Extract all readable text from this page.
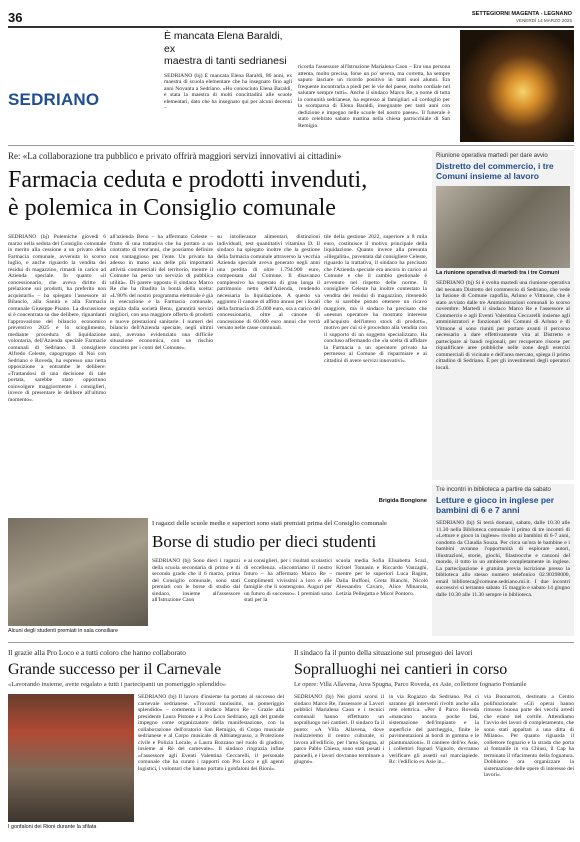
36	SETTEGIORNI MAGENTA - LEGNANO
VENERDÌ 14 MARZO 2025
SEDRIANO
È mancata Elena Baraldi, ex
maestra di tanti sedrianesi
SEDRIANO (bj) È mancata Elena Baraldi, 86 anni, ex maestra di scuola elementare che ha insegnato fino agli anni Novanta a Sedriano. «Ho conosciuto Elena Baraldi, è stata la maestra di molti concittadini alle scuole elementari, dato che ha insegnato qui per alcuni decenni –
ricorda l'assessore all'Istruzione Marialena Caon – Era una persona attenta, molto precisa, forse un po' severa, ma corretta, ha sempre saputo lasciare un ricordo positivo in tanti suoi alunni. Era frequente incontrarla a piedi per le vie del paese, molto cordiale nel salutare sempre tutti». Anche il sindaco Marco Re, a nome di tutta la comunità sedrianese, ha espresso ai famigliari «il cordoglio per la scomparsa di Elena Baraldi, insegnante per tanti anni con dedizione e impegno nelle scuole del nostro paese». Il funerale è stato celebrato sabato mattina nella chiesa parrocchiale di San Remigio.
Re: «La collaborazione tra pubblico e privato offrirà maggiori servizi innovativi ai cittadini»
Farmacia ceduta e prodotti invenduti,
è polemica in Consiglio comunale
SEDRIANO (bj) Polemiche giovedì 6 marzo nella seduta del Consiglio comunale in merito alla cessione a un privato della Farmacia comunale, avvenuta lo scorso luglio, e anche riguardo la vendita dei residui di magazzino, rimasti in carico ad Azienda speciale. In quanto «il concessionario, che aveva diritto di prelazione sui prodotti, ha preferito non acquistarli» – ha spiegato l'assessore al Bilancio, alla Sanità e alla Farmacia comunale Giuseppe Pisano. La discussione si è concentrata su due delibere, riguardanti l'approvazione del bilancio economico preventivo 2025 e lo scioglimento, mediante procedura di liquidazione volontaria, dell'Azienda speciale Farmacie comunali di Sedriano. Il consigliere Alfredo Celeste, capogruppo di Noi con Sedriano e Roveda, ha espresso una netta opposizione a entrambe le delibere: «Trattandosi di una decisione di tale portata, sarebbe stato opportuno coinvolgere maggiormente i consiglieri, invece di presentare le delibere all'ultimo momento».
all'azienda Benu – ha affermato Celeste – frutto di una trattativa che ha portato a un contratto di trent'anni, che possiamo definire non vantaggioso per l'ente. Un privato ha adesso in mano una delle più importanti attività commerciali del territorio, mentre il Comune ha perso un servizio di pubblica utilità». Di parere opposto il sindaco Marco Re che ha ribadito la bontà della scelta: «L'80% del nostro programma elettorale è già in esecuzione e la Farmacia comunale, seguita dalla società Benu, garantirà servizi migliori, con una maggiore offerta di prodotti e nuove prestazioni sanitarie. I numeri del bilancio dell'Azienda speciale, negli ultimi anni, avevano evidenziato una difficile situazione economica, con un rischio concreto per i conti del Comune».
su intolleranze alimentari, distinzioni individuali, test quantitativi vitamina D. Il sindaco ha spiegato inoltre che la gestione della farmacia comunale attraverso la vecchia Azienda speciale aveva generato negli anni una perdita di oltre 1.794.900 euro, compensata dal Comune. Il disavanzo complessivo ha superato di gran lunga il patrimonio netto dell'Azienda, rendendo necessaria la liquidazione. A questo va aggiunto il canone di affitto annuo per i locali della farmacia di 25.000 euro, ora a carico del concessionario, oltre al canone di concessione di 60.000 euro annui che verrà versato nelle casse comunali.
tile della gestione 2022, superiore a 8 mila euro, costituisce il motivo principale della liquidazione. Quanto invece alla presunta «illegalità», paventata dal consigliere Celeste, riguardo la trattativa, il sindaco ha precisato che l'Azienda speciale era ancora in carico al Comune e che il cambio gestionale è avvenuto nel rispetto delle norme. Il consigliere Celeste ha inoltre contestato la vendita dei residui di magazzino, ritenendo che si sarebbe potuto ottenere un ricavo maggiore, ma il sindaco ha precisato che «nessun operatore ha mostrato interesse all'acquisto dell'intero stock di prodotti», motivo per cui si è proceduto alla vendita con il supporto di un soggetto specializzato. Ha concluso affermando che «la scelta di affidare la Farmacia a un operatore privato ha permesso al Comune di risparmiare e ai cittadini di avere servizi innovativi».
Brigida Bongione
Riunione operativa martedì per dare avvio
Distretto del commercio, i tre Comuni insieme al lavoro
La riunione operativa di martedì tra i tre Comuni
SEDRIANO (bj) Si è svolta martedì una riunione operativa del neonato Distretto del commercio di Sedriano, che vede la fusione di Comune capofila, Arluno e Vittuone, che è stato avviato dalle tre Amministrazioni comunali lo scorso novembre. Martedì il sindaco Marco Re e l'assessore al Commercio e agli Eventi Valentina Ceccarelli insieme agli amministratori e funzionari dei Comuni di Arluno e di Vittuone si sono riuniti per portare avanti il percorso necessario a dare effettivamente vita al Distretto e partecipare ai bandi regionali, per recuperare risorse per riqualificare aree pubbliche nelle zone degli esercizi commerciali di vicinato e dell'area mercato, spiega il primo cittadino di Sedriano. È per gli investimenti degli operatori locali.
Tre incontri in biblioteca a partire da sabato
Letture e gioco in inglese per bambini di 6 e 7 anni
SEDRIANO (bj) Si terrà domani, sabato, dalle 10.30 alle 11.30 nella Biblioteca comunale il primo di tre incontri di «Letture e gioco in inglese» rivolto ai bambini di 6-7 anni, condotto da Claudia Souza. Per circa un'ora le bambine e i bambini avranno l'opportunità di esplorare autori, illustrazioni, storie, giochi, filastrocche e canzoni del mondo, il tutto in un ambiente completamente in inglese. La partecipazione è gratuita previa iscrizione presso la biblioteca allo stesso numero telefonico 02.90398000, email biblioteca@comune.sedriano.mi.it. I due incontri successivi si terranno sabato 15 maggio e sabato 14 giugno dalle 10.30 alle 11.30 sempre in biblioteca.
Alcuni degli studenti premiati in sala consiliare
I ragazzi delle scuole medie e superiori sono stati premiati prima del Consiglio comunale
Borse di studio per dieci studenti
SEDRIANO (bj) Sono dieci i ragazzi della scuola secondaria di primo e di secondo grado che il 6 marzo, prima del Consiglio comunale, sono stati premiati con le borse di studio dal sindaco, insieme all'assessore all'Istruzione Caon
e ai consiglieri, per i risultati scolastici di eccellenza. «Incontriamo il nostro futuro – ha affermato Marco Re – Complimenti vivissimi a loro e alle famiglie che li sostengono. Auguri per un futuro di successo». I premiati sono stati per la
scuola media Sofia Elisabetta Scazi, Kristel Tomasin e Riccardo Vanzaghi, mentre per le superiori Luca Bagini, Dalia Buffoni, Greta Bianchi, Nicolò Alessandro Cavaro, Alice Minarola, Letizia Pellegatta e Micol Pontoro.
Il grazie alla Pro Loco e a tutti coloro che hanno collaborato
Grande successo per il Carnevale
«Lavorando insieme, avete regalato a tutti i partecipanti un pomeriggio splendido»
I gonfaloni dei Rioni durante la sfilata
SEDRIANO (bj) Il lavoro d'insieme ha portato al successo del carnevale sedrianese. «Trovarsi tantissimi, un pomeriggio splendido» – commenta il sindaco Marco Re – Grazie alla presidente Laura Pistone e a Pro Loco Sedriano, agli del grande impegno come organizzatore della manifestazione, con la collaborazione dell'oratorio San Remigio, di Corpo musicale sedrianese e al Corpo musicale di Abbiategrasso, a Protezione civile e Polizia Locale, a Laura Bozzano nel ruolo di giudice, insieme ai Re del carnevale». Il sindaco ringrazia infine «l'assessore agli Eventi Valentina Ceccarelli, il personale comunale che ha curato i rapporti con Pro Loco e gli agenti logistici, i volontari che hanno portato i gonfaloni dei Rioni».
Il sindaco fa il punto della situazione sul proseguo dei lavori
Sopralluoghi nei cantieri in corso
Le opere: Villa Allavena, Area Spugna, Parco Roveda, ex Asie, collettore fognario Fontanile
SEDRIANO (bj) Nei giorni scorsi il sindaco Marco Re, l'assessore ai Lavori pubblici Marialena Caon e i tecnici comunali hanno effettuato un sopralluogo nei cantieri. Il sindaco fa il punto: «A Villa Allavena, dove realizzeremo il centro culturale, si lavora all'edificio, per l'area Spugna, al parco Pablo Chiesa, sono stati posati i pannelli, e i lavori dovranno terminare a giugno».
in via Rogazzo da Sedriano. Poi ci saranno gli interventi rivolti anche alla rete elettrica. «Per il Parco Roveda «mancano ancora poche fasi, sistemazione dell'impianto e la superficie del parcheggio, finite le pavimentazioni ai bordi in gomma e le piantumazioni». Il cantiere dell'ex Asie, i collettori fognari Vignolo, dovranno verificare gli assetti sul marciapiede. Rc: l'edificio ex Asie in...
via Buonarroti, destinato a Centro polifunzionale: «Gli operai hanno rimosso buona parte dei vecchi arredi che erano nel cortile. Attendiamo l'avvio dei lavori di completamento, che sono stati appaltati a una ditta di Milano». Per quanto riguarda il collettore fognario e la strada che porta al fontanile in via Chiusi, il Cap ha terminato il rifacimento della fognatura. Dobbiamo ora organizzare la sistemazione delle opere di interesse dei lavori».
